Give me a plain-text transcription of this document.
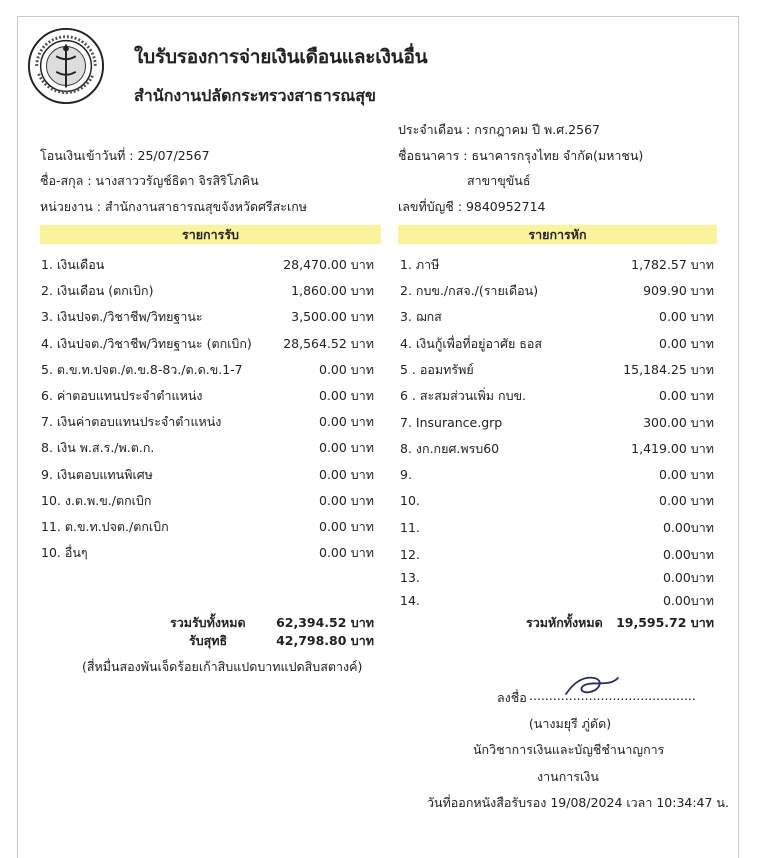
ใบรับรองการจ่ายเงินเดือนและเงินอื่น
สำนักงานปลัดกระทรวงสาธารณสุข
ประจำเดือน : กรกฎาคม ปี พ.ศ.2567
โอนเงินเข้าวันที่ : 25/07/2567	ชื่อธนาคาร : ธนาคารกรุงไทย จำกัด(มหาชน)
ชื่อ-สกุล : นางสาววรัญช์ธิดา จิรสิริโภคิน	สาขาขุขันธ์
หน่วยงาน : สำนักงานสาธารณสุขจังหวัดศรีสะเกษ	เลขที่บัญชี : 9840952714
รายการรับ	รายการหัก
1. เงินเดือน	28,470.00 บาท
2. เงินเดือน (ตกเบิก)	1,860.00 บาท
3. เงินปจต./วิชาชีพ/วิทยฐานะ	3,500.00 บาท
4. เงินปจต./วิชาชีพ/วิทยฐานะ (ตกเบิก)	28,564.52 บาท
5. ต.ข.ท.ปจต./ต.ข.8-8ว./ต.ด.ข.1-7	0.00 บาท
6. ค่าตอบแทนประจำตำแหน่ง	0.00 บาท
7. เงินค่าตอบแทนประจำตำแหน่ง	0.00 บาท
8. เงิน พ.ส.ร./พ.ต.ก.	0.00 บาท
9. เงินตอบแทนพิเศษ	0.00 บาท
10. ง.ต.พ.ข./ตกเบิก	0.00 บาท
11. ต.ข.ท.ปจต./ตกเบิก	0.00 บาท
10. อื่นๆ	0.00 บาท
1. ภาษี	1,782.57 บาท
2. กบข./กสจ./(รายเดือน)	909.90 บาท
3. ฌกส	0.00 บาท
4. เงินกู้เพื่อที่อยู่อาศัย ธอส	0.00 บาท
5 . ออมทรัพย์	15,184.25 บาท
6 . สะสมส่วนเพิ่ม กบข.	0.00 บาท
7. Insurance.grp	300.00 บาท
8. งก.กยศ.พรบ60	1,419.00 บาท
9.	0.00 บาท
10.	0.00 บาท
11.	0.00บาท
12.	0.00บาท
13.	0.00บาท
14.	0.00บาท
รวมรับทั้งหมด	62,394.52 บาท
รับสุทธิ	42,798.80 บาท
(สี่หมื่นสองพันเจ็ดร้อยเก้าสิบแปดบาทแปดสิบสตางค์)
รวมหักทั้งหมด	19,595.72 บาท
ลงชื่อ ..........................................
(นางมยุรี ภู่ดัด)
นักวิชาการเงินและบัญชีชำนาญการ
งานการเงิน
วันที่ออกหนังสือรับรอง 19/08/2024 เวลา 10:34:47 น.
